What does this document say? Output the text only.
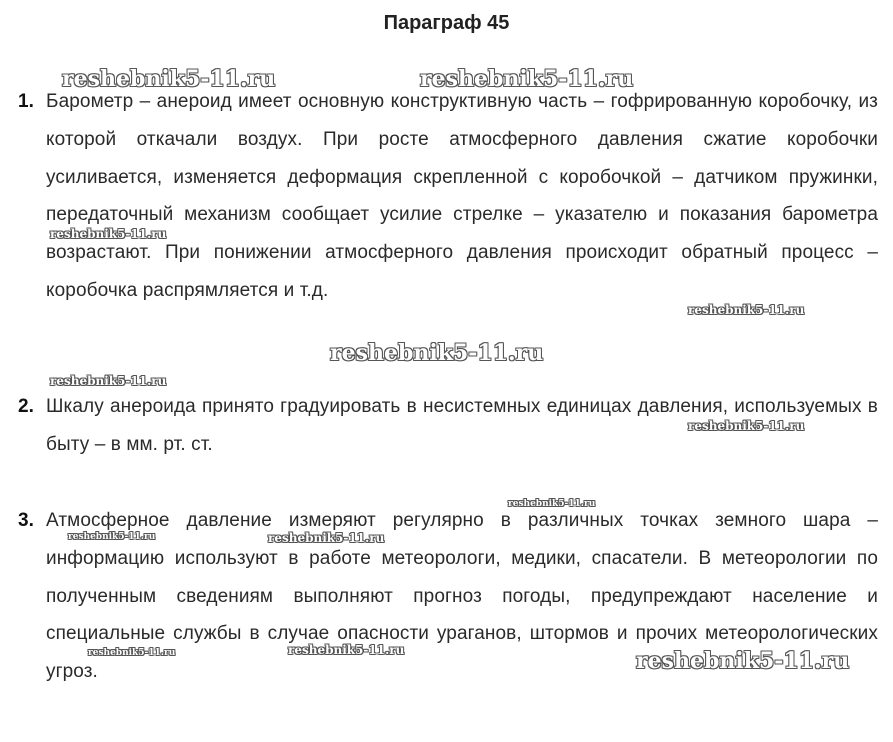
Параграф 45
1. Барометр – анероид имеет основную конструктивную часть – гофрированную коробочку, из которой откачали воздух. При росте атмосферного давления сжатие коробочки усиливается, изменяется деформация скрепленной с коробочкой – датчиком пружинки, передаточный механизм сообщает усилие стрелке – указателю и показания барометра возрастают. При понижении атмосферного давления происходит обратный процесс – коробочка распрямляется и т.д.
2. Шкалу анероида принято градуировать в несистемных единицах давления, используемых в быту – в мм. рт. ст.
3. Атмосферное давление измеряют регулярно в различных точках земного шара – информацию используют в работе метеорологи, медики, спасатели. В метеорологии по полученным сведениям выполняют прогноз погоды, предупреждают население и специальные службы в случае опасности ураганов, штормов и прочих метеорологических угроз.
reshebnik5-11.ru	reshebnik5-11.ru
reshebnik5-11.ru
reshebnik5-11.ru
reshebnik5-11.ru
reshebnik5-11.ru
reshebnik5-11.ru
reshebnik5-11.ru
reshebnik5-11.ru	reshebnik5-11.ru
reshebnik5-11.ru	reshebnik5-11.ru	reshebnik5-11.ru
